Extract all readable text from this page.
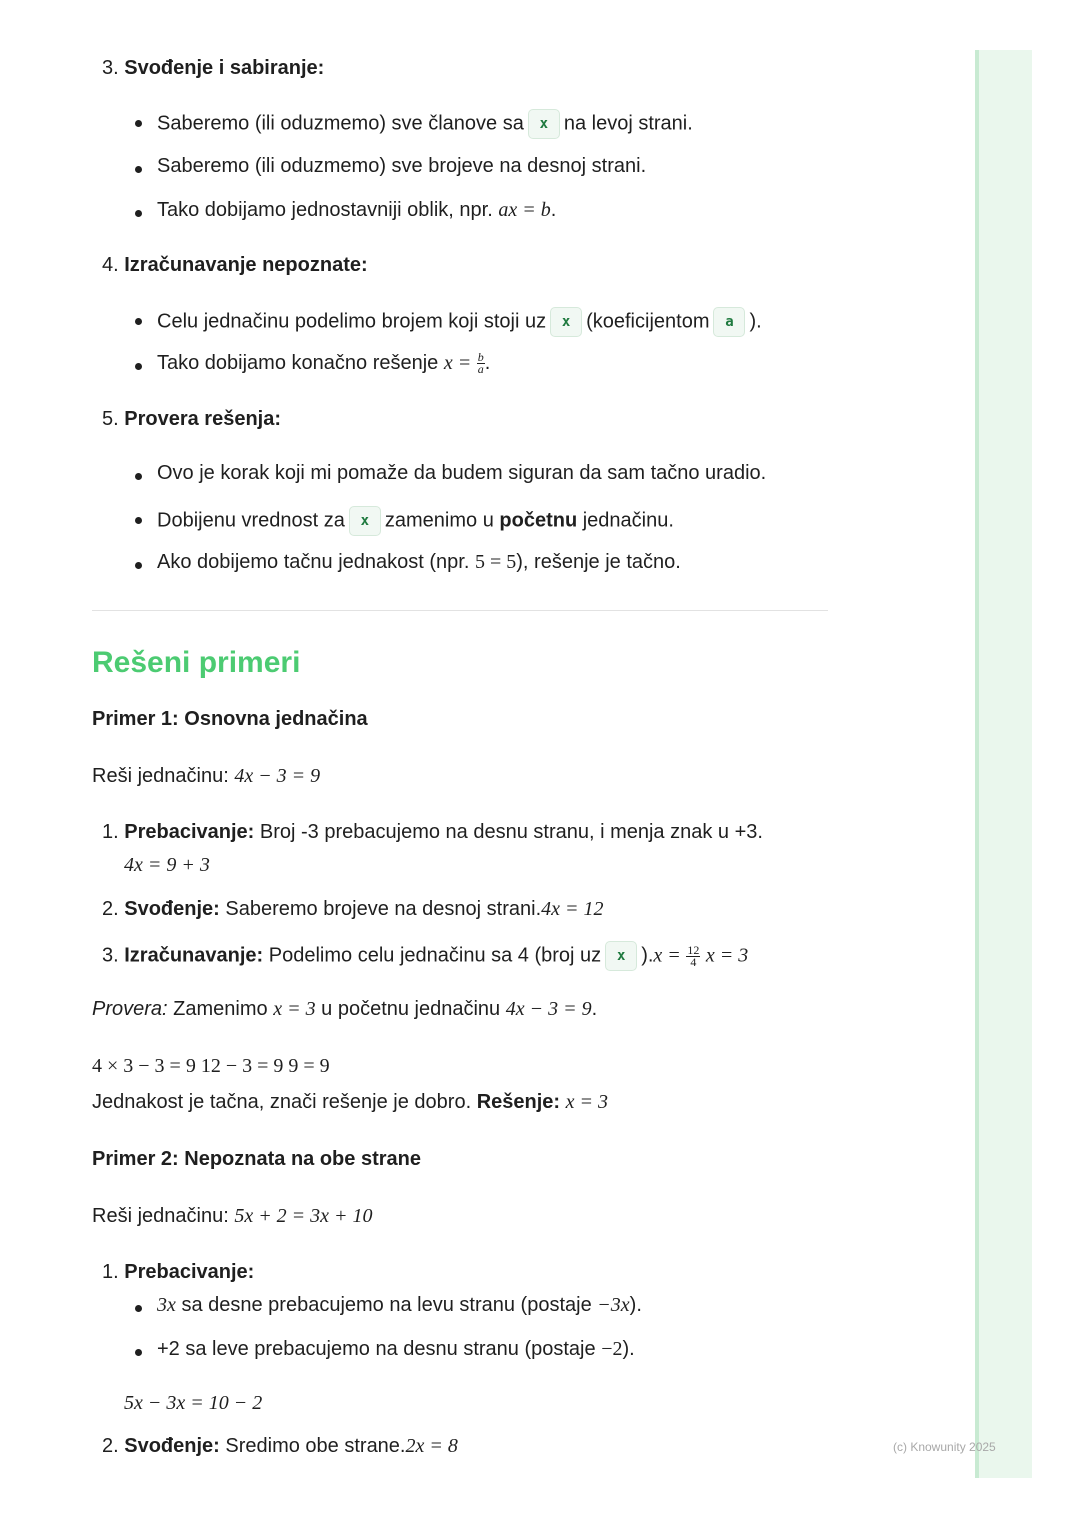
3. Svođenje i sabiranje:
Saberemo (ili oduzmemo) sve članove sa x na levoj strani.
Saberemo (ili oduzmemo) sve brojeve na desnoj strani.
Tako dobijamo jednostavniji oblik, npr. ax = b.
4. Izračunavanje nepoznate:
Celu jednačinu podelimo brojem koji stoji uz x (koeficijentom a ).
Tako dobijamo konačno rešenje $x = \frac{b}{a}$ .
5. Provera rešenja:
Ovo je korak koji mi pomaže da budem siguran da sam tačno uradio.
Dobijenu vrednost za x zamenimo u početnu jednačinu.
Ako dobijemo tačnu jednakost (npr. 5 = 5), rešenje je tačno.
Rešeni primeri
Primer 1: Osnovna jednačina
Reši jednačinu: 4x − 3 = 9
1. Prebacivanje: Broj -3 prebacujemo na desnu stranu, i menja znak u +3.
4x = 9 + 3
2. Svođenje: Saberemo brojeve na desnoj strani.4x = 12
3. Izračunavanje: Podelimo celu jednačinu sa 4 (broj uz x )$.x = \frac{12}{4}$ x = 3
Provera: Zamenimo x = 3 u početnu jednačinu 4x − 3 = 9.
4 × 3 − 3 = 9 12 − 3 = 9 9 = 9
Jednakost je tačna, znači rešenje je dobro. Rešenje: x = 3
Primer 2: Nepoznata na obe strane
Reši jednačinu: 5x + 2 = 3x + 10
1. Prebacivanje:
3x sa desne prebacujemo na levu stranu (postaje −3x).
+2 sa leve prebacujemo na desnu stranu (postaje −2).
5x − 3x = 10 − 2
2. Svođenje: Sredimo obe strane.2x = 8	(c) Knowunity 2025
